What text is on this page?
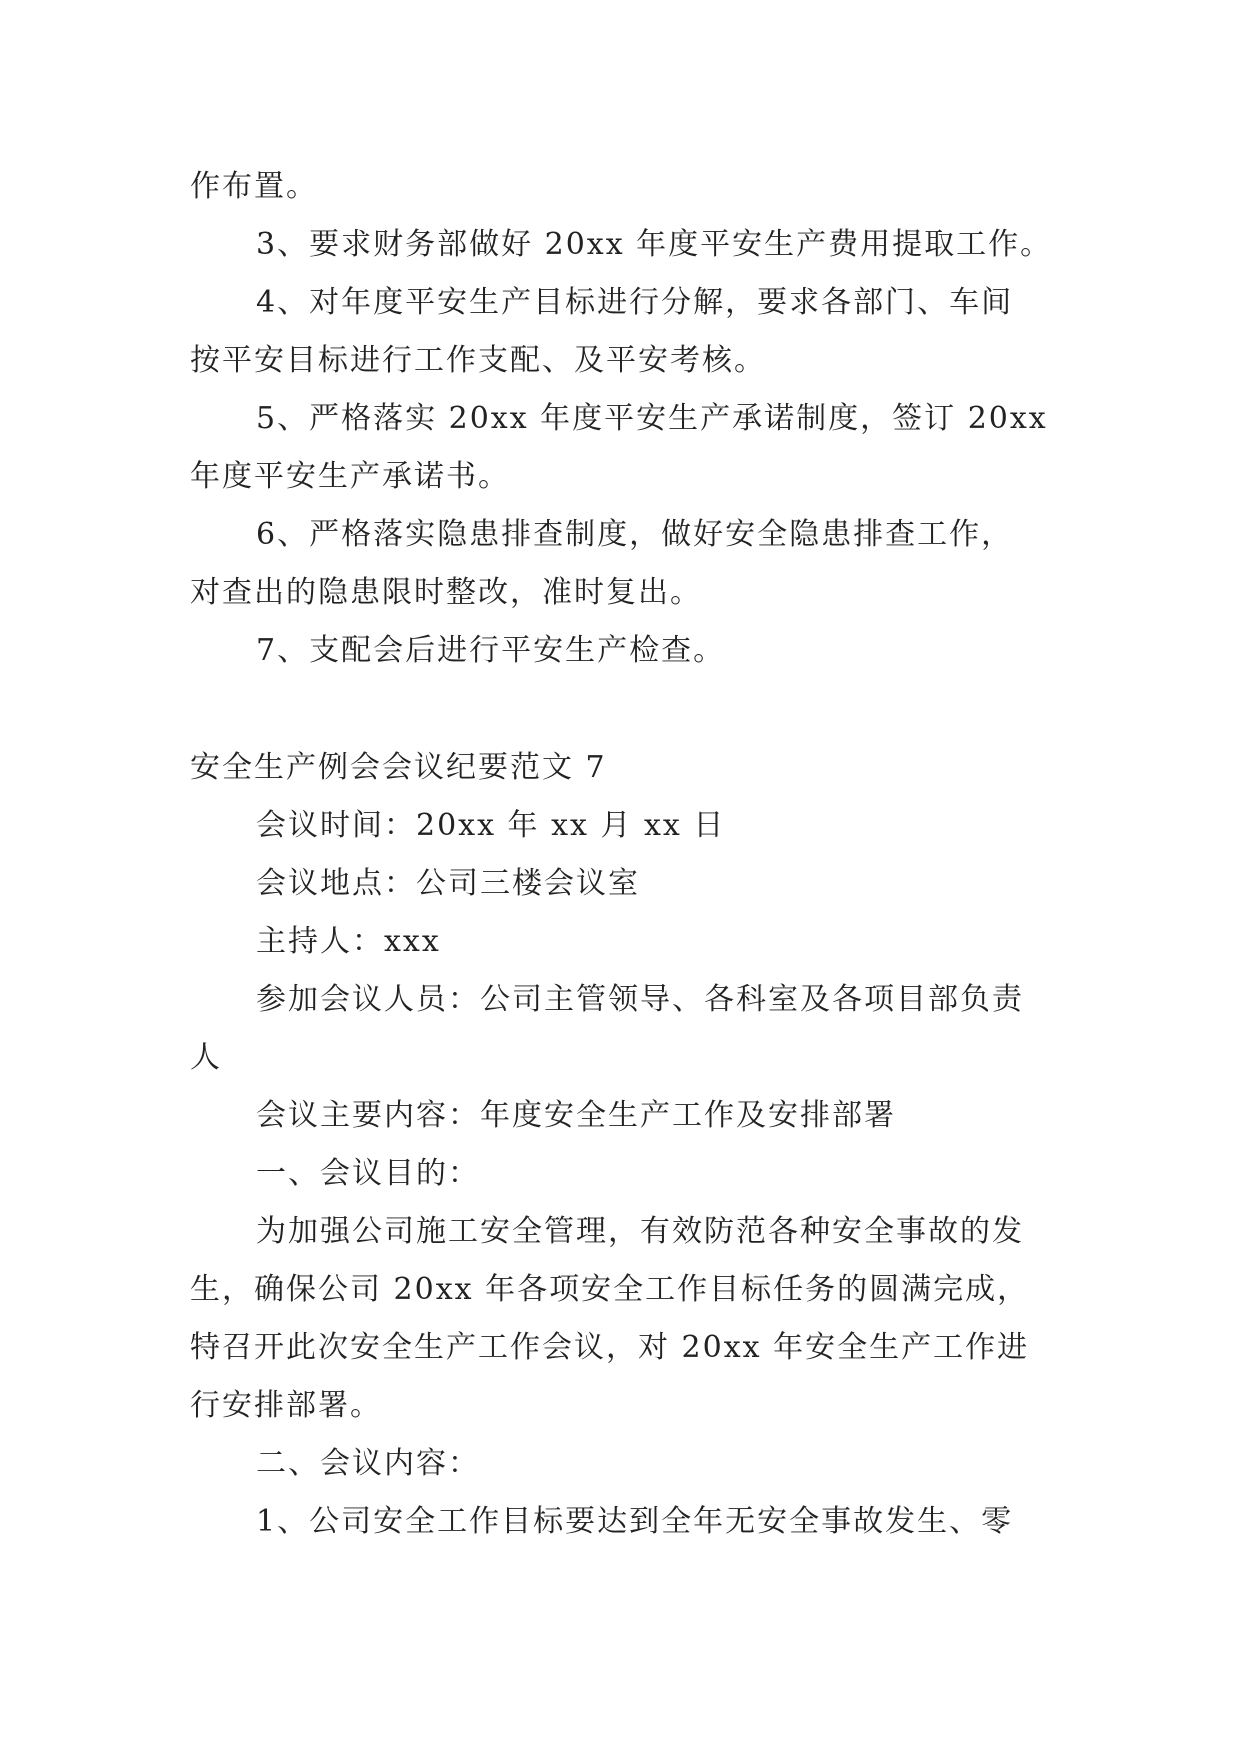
作布置。
3、要求财务部做好 20xx 年度平安生产费用提取工作。
4、对年度平安生产目标进行分解，要求各部门、车间
按平安目标进行工作支配、及平安考核。
5、严格落实 20xx 年度平安生产承诺制度，签订 20xx
年度平安生产承诺书。
6、严格落实隐患排查制度，做好安全隐患排查工作，
对查出的隐患限时整改，准时复出。
7、支配会后进行平安生产检查。
安全生产例会会议纪要范文 7
会议时间：20xx 年 xx 月 xx 日
会议地点：公司三楼会议室
主持人：xxx
参加会议人员：公司主管领导、各科室及各项目部负责
人
会议主要内容：年度安全生产工作及安排部署
一、会议目的：
为加强公司施工安全管理，有效防范各种安全事故的发
生，确保公司 20xx 年各项安全工作目标任务的圆满完成，
特召开此次安全生产工作会议，对 20xx 年安全生产工作进
行安排部署。
二、会议内容：
1、公司安全工作目标要达到全年无安全事故发生、零
